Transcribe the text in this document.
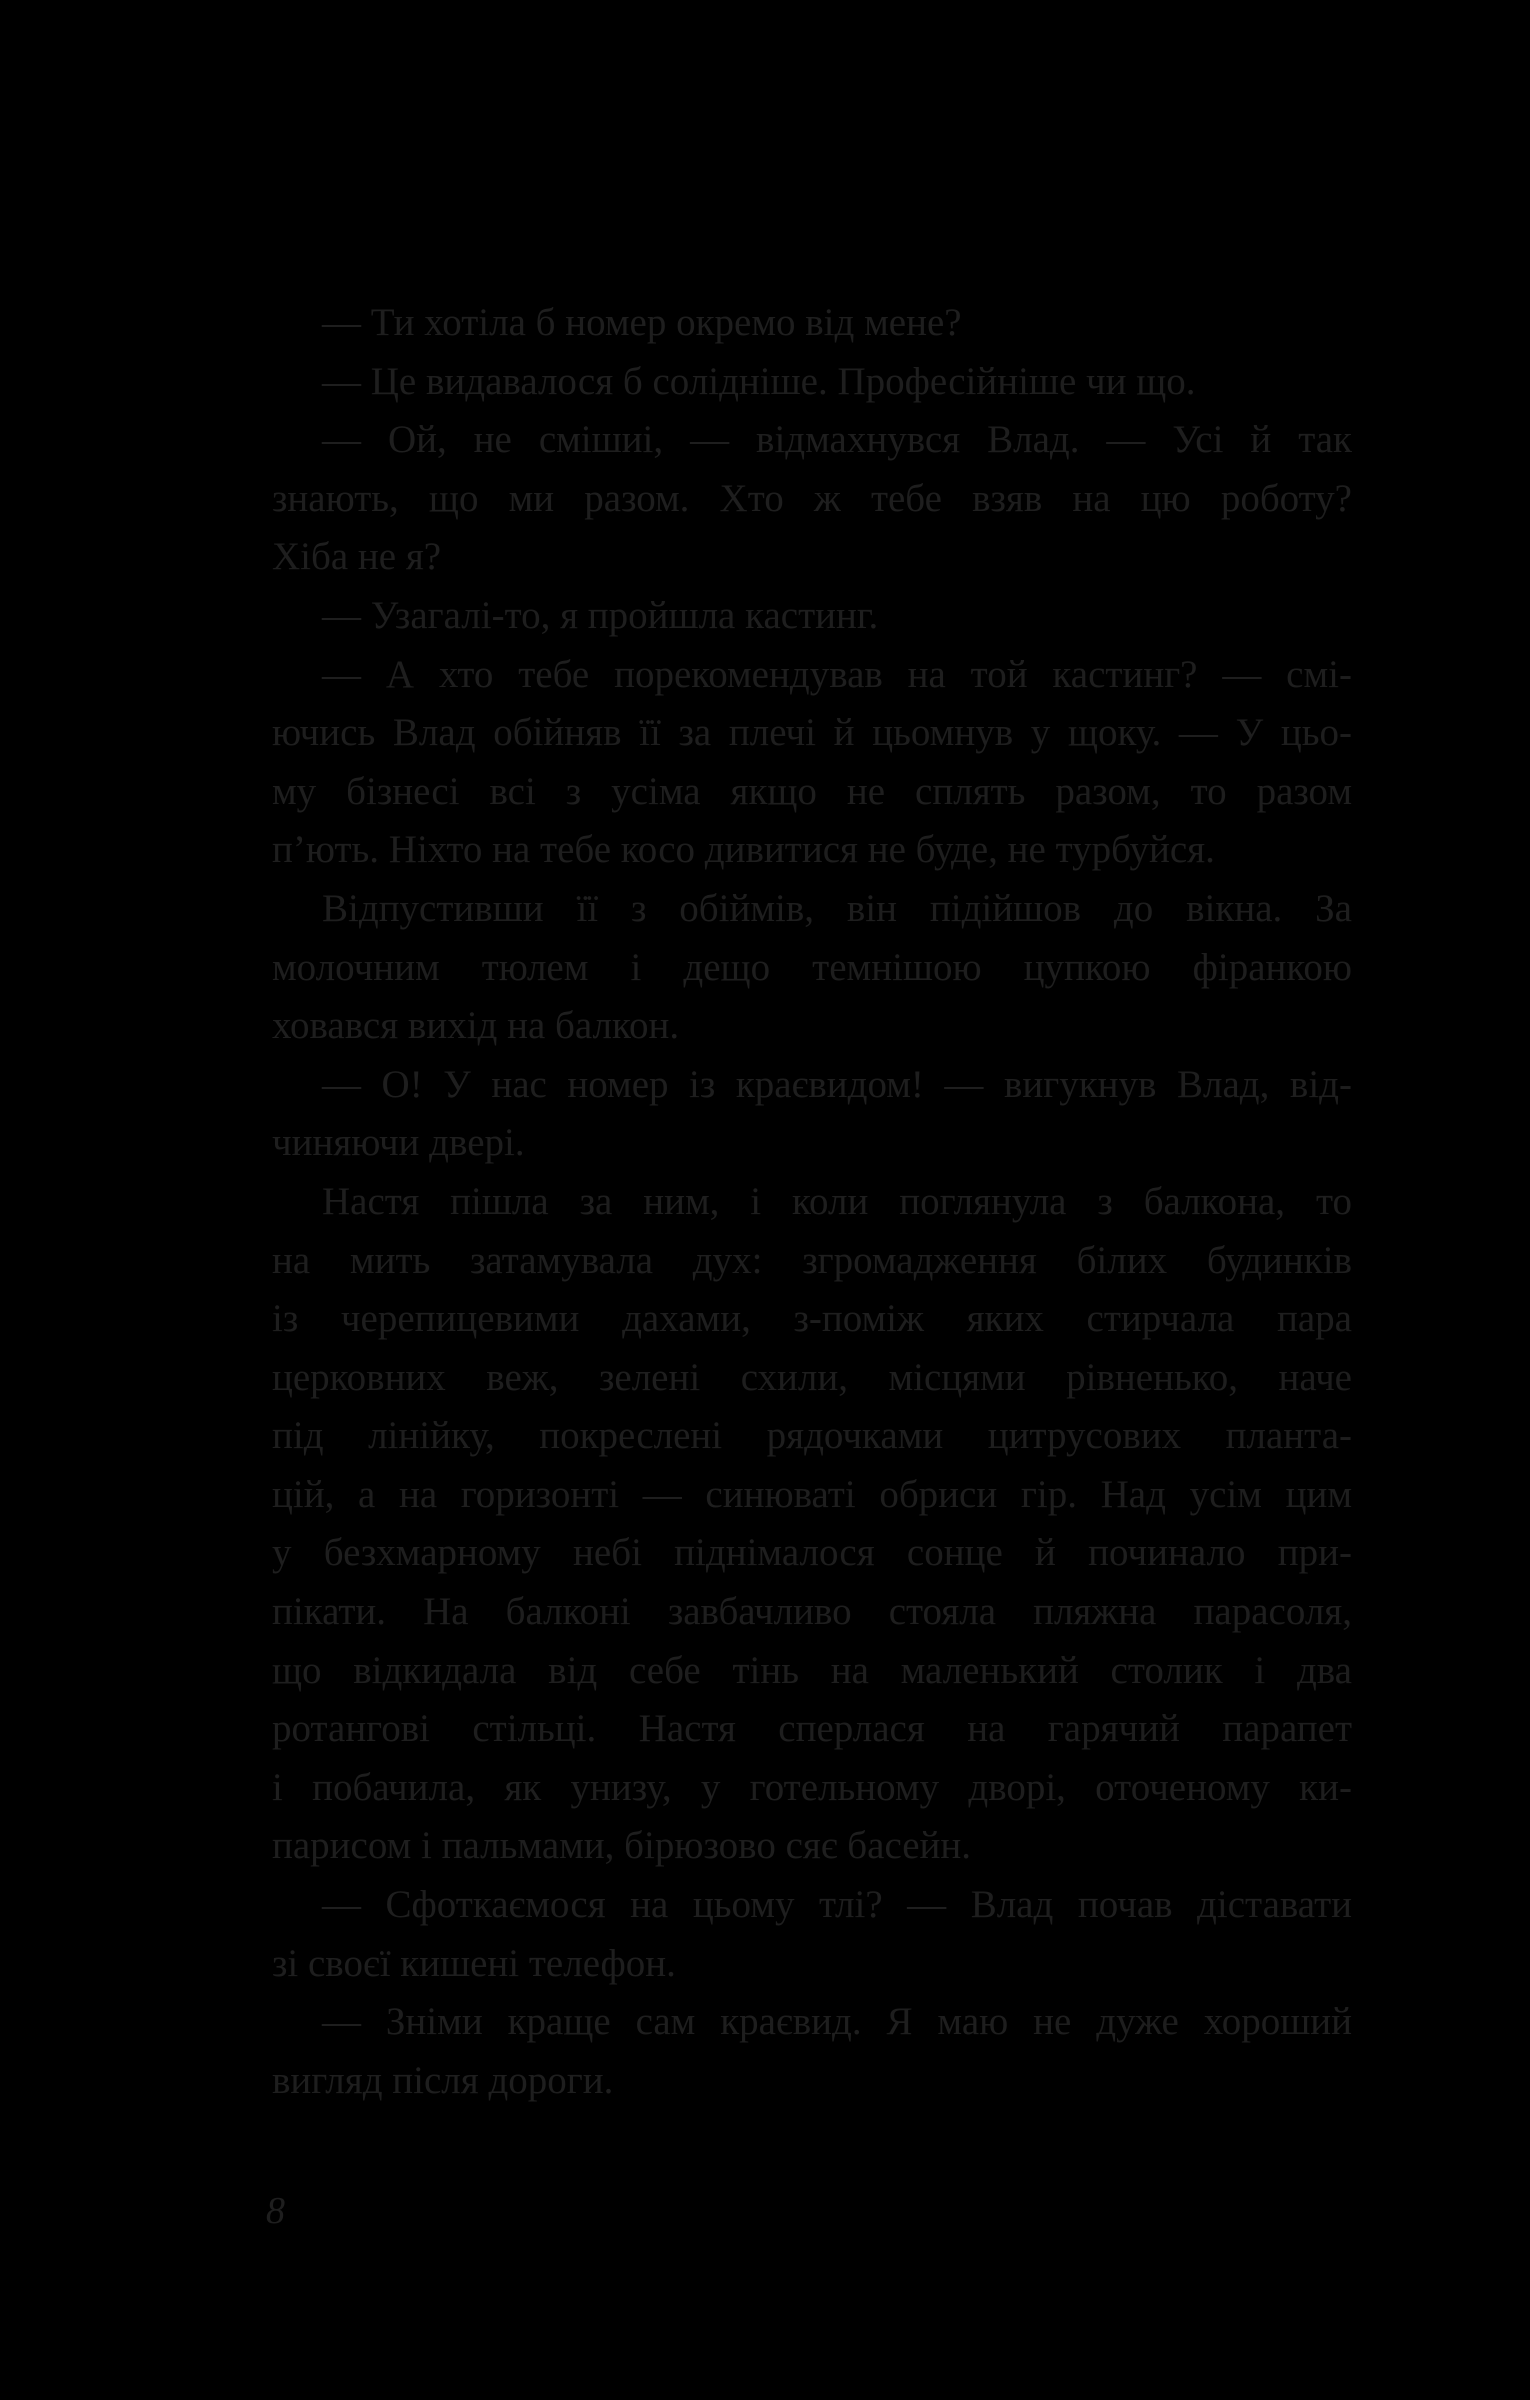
— Ти хотіла б номер окремо від мене?
— Це видавалося б солідніше. Професійніше чи що.
— Ой, не смішиі, — відмахнувся Влад. — Усі й так
знають, що ми разом. Хто ж тебе взяв на цю роботу?
Хіба не я?
— Узагалі-то, я пройшла кастинг.
— А хто тебе порекомендував на той кастинг? — смі-
ючись Влад обійняв її за плечі й цьомнув у щоку. — У цьо-
му бізнесі всі з усіма якщо не сплять разом, то разом
п’ють. Ніхто на тебе косо дивитися не буде, не турбуйся.
Відпустивши її з обіймів, він підійшов до вікна. За
молочним тюлем і дещо темнішою цупкою фіранкою
ховався вихід на балкон.
— О! У нас номер із краєвидом! — вигукнув Влад, від-
чиняючи двері.
Настя пішла за ним, і коли поглянула з балкона, то
на мить затамувала дух: згромадження білих будинків
із черепицевими дахами, з-поміж яких стирчала пара
церковних веж, зелені схили, місцями рівненько, наче
під лінійку, покреслені рядочками цитрусових планта-
цій, а на горизонті — синюваті обриси гір. Над усім цим
у безхмарному небі піднімалося сонце й починало при-
пікати. На балконі завбачливо стояла пляжна парасоля,
що відкидала від себе тінь на маленький столик і два
ротангові стільці. Настя сперлася на гарячий парапет
і побачила, як унизу, у готельному дворі, оточеному ки-
парисом і пальмами, бірюзово сяє басейн.
— Сфоткаємося на цьому тлі? — Влад почав діставати
зі своєї кишені телефон.
— Зніми краще сам краєвид. Я маю не дуже хороший
вигляд після дороги.
8
